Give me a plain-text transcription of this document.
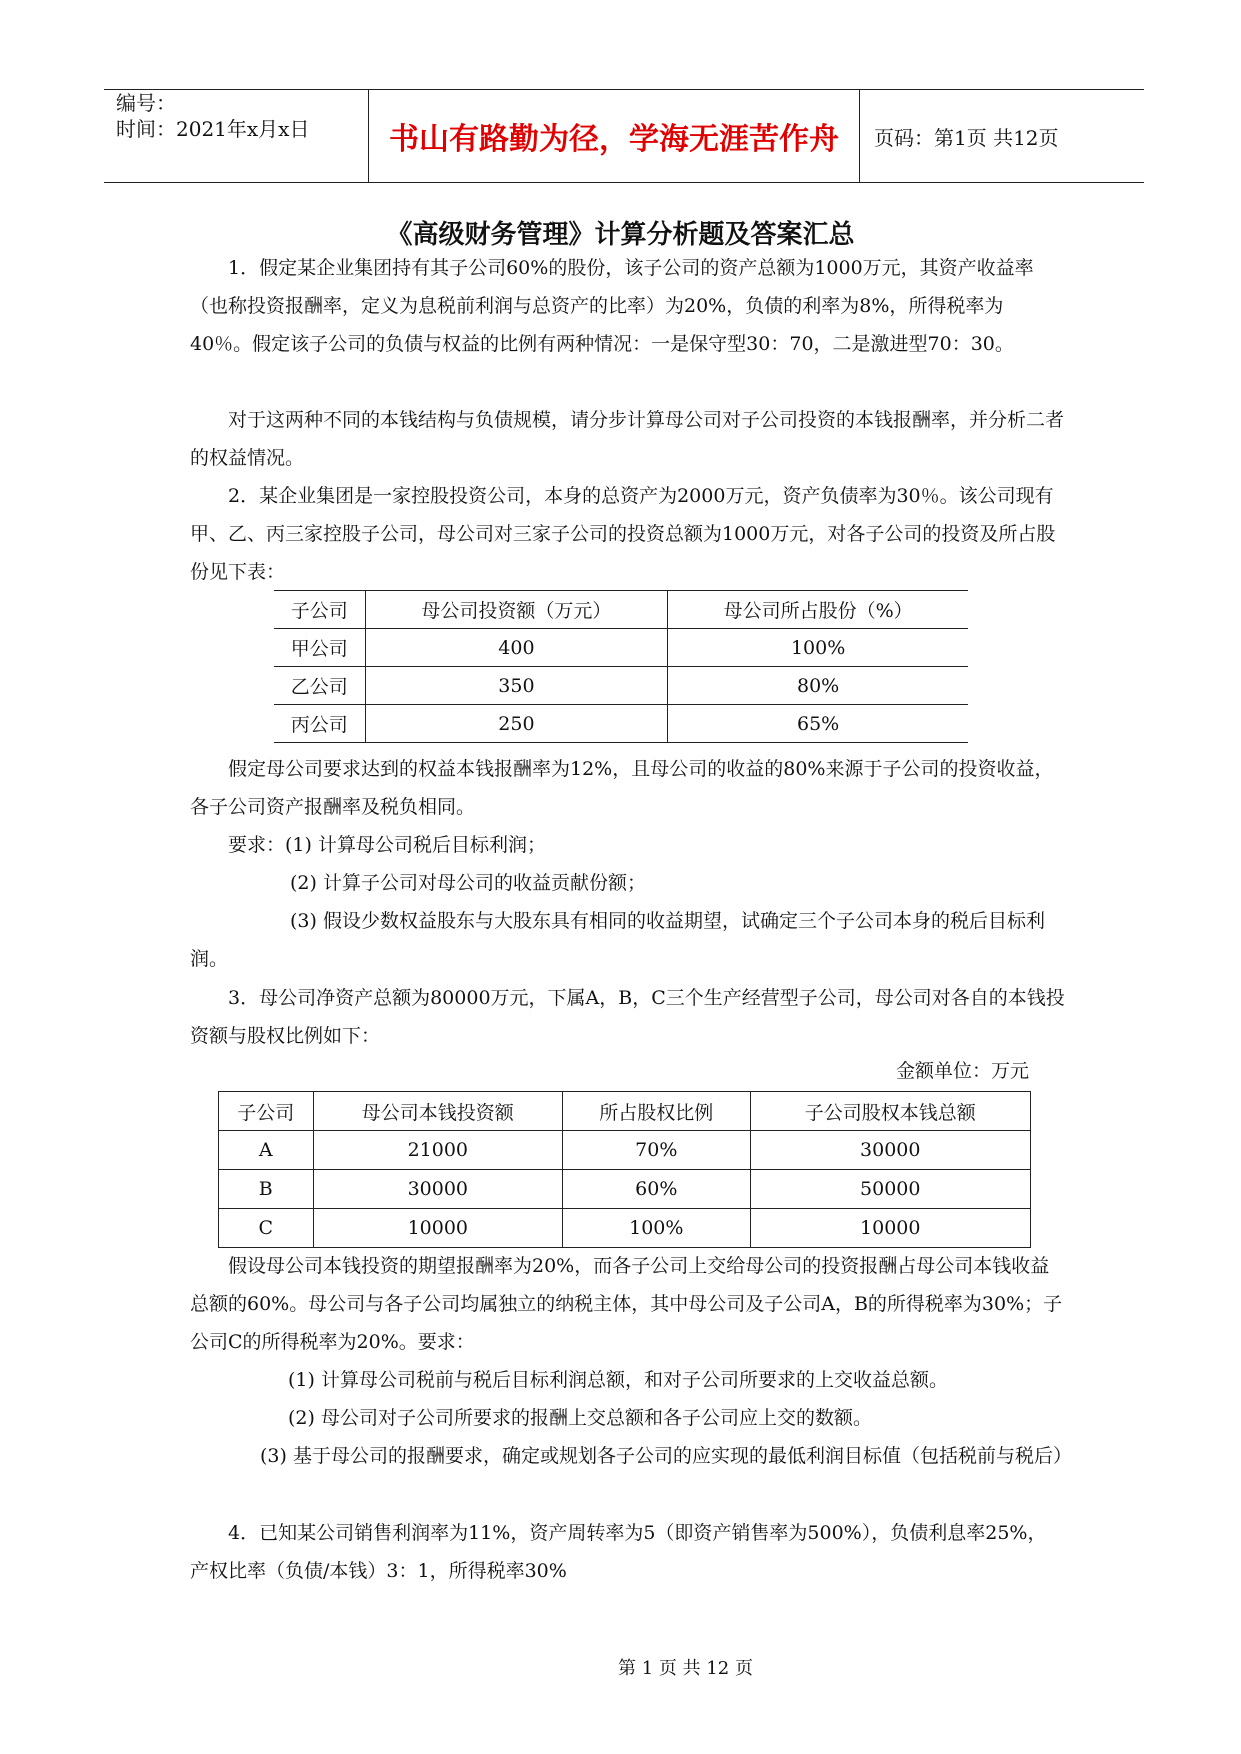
编号：
时间：2021年x月x日	书山有路勤为径，学海无涯苦作舟	页码：第1页 共12页
《高级财务管理》计算分析题及答案汇总

1．假定某企业集团持有其子公司60%的股份，该子公司的资产总额为1000万元，其资产收益率（也称投资报酬率，定义为息税前利润与总资产的比率）为20%，负债的利率为8%，所得税率为40％。假定该子公司的负债与权益的比例有两种情况：一是保守型30：70，二是激进型70：30。

对于这两种不同的本钱结构与负债规模，请分步计算母公司对子公司投资的本钱报酬率，并分析二者的权益情况。

2．某企业集团是一家控股投资公司，本身的总资产为2000万元，资产负债率为30％。该公司现有甲、乙、丙三家控股子公司，母公司对三家子公司的投资总额为1000万元，对各子公司的投资及所占股份见下表：

子公司	母公司投资额（万元）	母公司所占股份（%）
甲公司	400	100%
乙公司	350	80%
丙公司	250	65%

假定母公司要求达到的权益本钱报酬率为12%，且母公司的收益的80%来源于子公司的投资收益，各子公司资产报酬率及税负相同。

要求：(1) 计算母公司税后目标利润；
(2) 计算子公司对母公司的收益贡献份额；

(3) 假设少数权益股东与大股东具有相同的收益期望，试确定三个子公司本身的税后目标利润。

3．母公司净资产总额为80000万元，下属A，B，C三个生产经营型子公司，母公司对各自的本钱投资额与股权比例如下：

金额单位：万元
子公司	母公司本钱投资额	所占股权比例	子公司股权本钱总额
A	21000	70%	30000
B	30000	60%	50000
C	10000	100%	10000

假设母公司本钱投资的期望报酬率为20%，而各子公司上交给母公司的投资报酬占母公司本钱收益总额的60%。母公司与各子公司均属独立的纳税主体，其中母公司及子公司A，B的所得税率为30%；子公司C的所得税率为20%。要求：

(1) 计算母公司税前与税后目标利润总额，和对子公司所要求的上交收益总额。
(2) 母公司对子公司所要求的报酬上交总额和各子公司应上交的数额。

(3) 基于母公司的报酬要求，确定或规划各子公司的应实现的最低利润目标值（包括税前与税后）

4．已知某公司销售利润率为11%，资产周转率为5（即资产销售率为500%），负债利息率25%，产权比率（负债/本钱）3：1，所得税率30%

第 1 页 共 12 页
